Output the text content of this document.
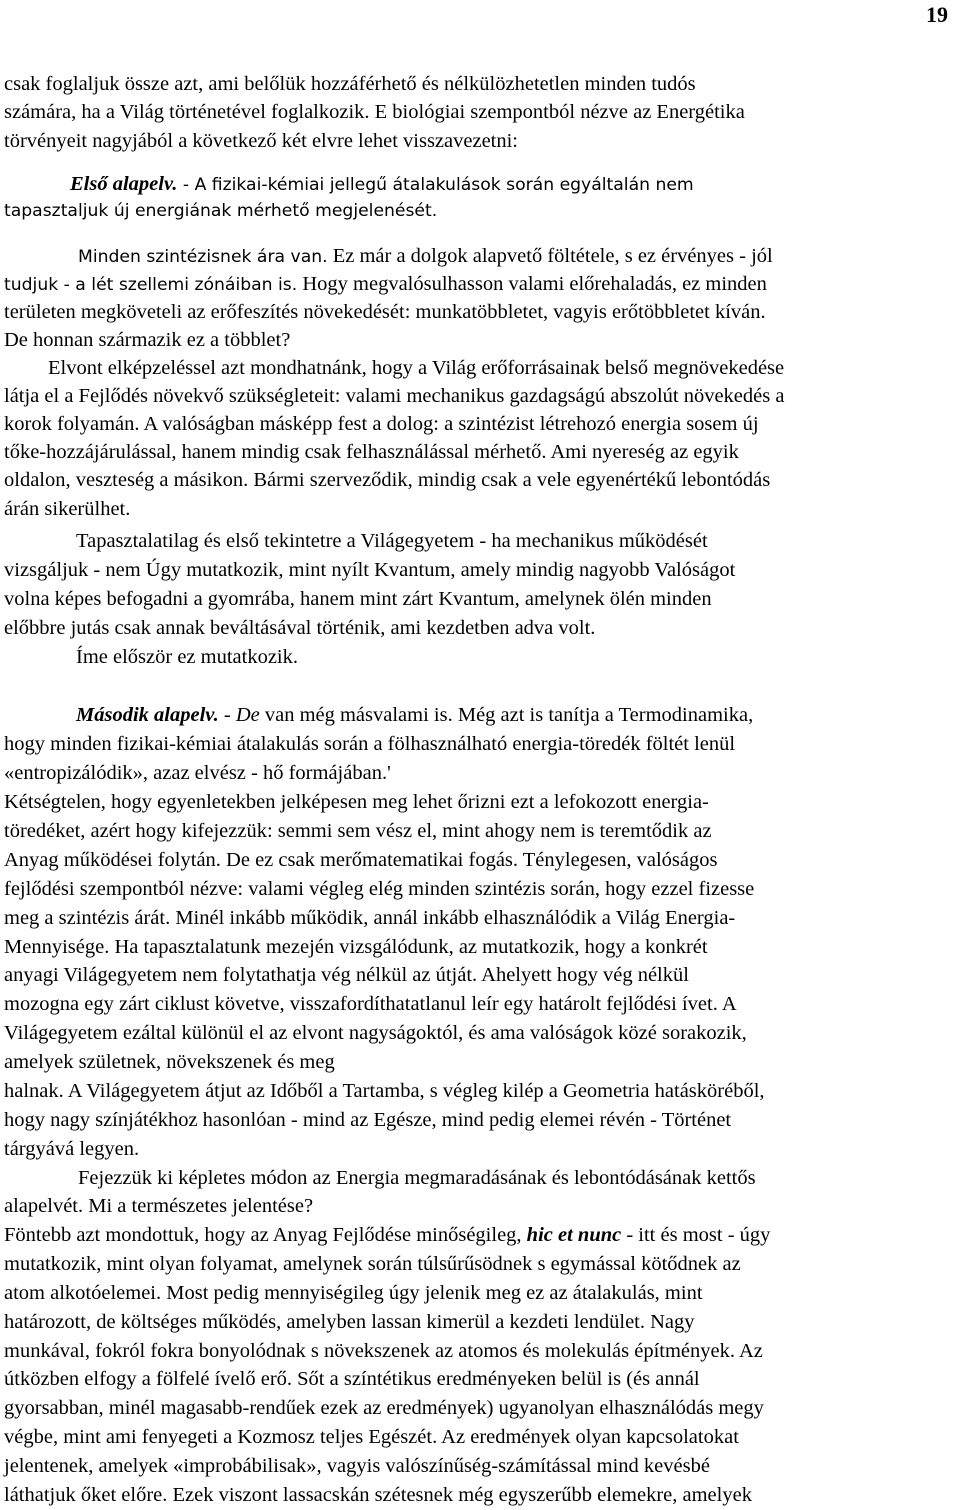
19
csak foglaljuk össze azt, ami belőlük hozzáférhető és nélkülözhetetlen minden tudós
számára, ha a Világ történetével foglalkozik. E biológiai szempontból nézve az Energétika
törvényeit nagyjából a következő két elvre lehet visszavezetni:
Első alapelv. - A fizikai-kémiai jellegű átalakulások során egyáltalán nem
tapasztaljuk új energiának mérhető megjelenését.
Minden szintézisnek ára van. Ez már a dolgok alapvető föltétele, s ez érvényes - jól
tudjuk - a lét szellemi zónáiban is. Hogy megvalósulhasson valami előrehaladás, ez minden
területen megköveteli az erőfeszítés növekedését: munkatöbbletet, vagyis erőtöbbletet kíván.
De honnan származik ez a többlet?
Elvont elképzeléssel azt mondhatnánk, hogy a Világ erőforrásainak belső megnövekedése
látja el a Fejlődés növekvő szükségleteit: valami mechanikus gazdagságú abszolút növekedés a
korok folyamán. A valóságban másképp fest a dolog: a szintézist létrehozó energia sosem új
tőke-hozzájárulással, hanem mindig csak felhasználással mérhető. Ami nyereség az egyik
oldalon, veszteség a másikon. Bármi szerveződik, mindig csak a vele egyenértékű lebontódás
árán sikerülhet.
Tapasztalatilag és első tekintetre a Világegyetem - ha mechanikus működését
vizsgáljuk - nem Úgy mutatkozik, mint nyílt Kvantum, amely mindig nagyobb Valóságot
volna képes befogadni a gyomrába, hanem mint zárt Kvantum, amelynek ölén minden
előbbre jutás csak annak beváltásával történik, ami kezdetben adva volt.
Íme először ez mutatkozik.
Második alapelv. - De van még másvalami is. Még azt is tanítja a Termodinamika,
hogy minden fizikai-kémiai átalakulás során a fölhasználható energia-töredék föltét lenül
«entropizálódik», azaz elvész - hő formájában.'
Kétségtelen, hogy egyenletekben jelképesen meg lehet őrizni ezt a lefokozott energia-
töredéket, azért hogy kifejezzük: semmi sem vész el, mint ahogy nem is teremtődik az
Anyag működései folytán. De ez csak merőmatematikai fogás. Ténylegesen, valóságos
fejlődési szempontból nézve: valami végleg elég minden szintézis során, hogy ezzel fizesse
meg a szintézis árát. Minél inkább működik, annál inkább elhasználódik a Világ Energia-
Mennyisége. Ha tapasztalatunk mezején vizsgálódunk, az mutatkozik, hogy a konkrét
anyagi Világegyetem nem folytathatja vég nélkül az útját. Ahelyett hogy vég nélkül
mozogna egy zárt ciklust követve, visszafordíthatatlanul leír egy határolt fejlődési ívet. A
Világegyetem ezáltal különül el az elvont nagyságoktól, és ama valóságok közé sorakozik,
amelyek születnek, növekszenek és meg
halnak. A Világegyetem átjut az Időből a Tartamba, s végleg kilép a Geometria hatásköréből,
hogy nagy színjátékhoz hasonlóan - mind az Egésze, mind pedig elemei révén - Történet
tárgyává legyen.
Fejezzük ki képletes módon az Energia megmaradásának és lebontódásának kettős
alapelvét. Mi a természetes jelentése?
Föntebb azt mondottuk, hogy az Anyag Fejlődése minőségileg, hic et nunc - itt és most - úgy
mutatkozik, mint olyan folyamat, amelynek során túlsűrűsödnek s egymással kötődnek az
atom alkotóelemei. Most pedig mennyiségileg úgy jelenik meg ez az átalakulás, mint
határozott, de költséges működés, amelyben lassan kimerül a kezdeti lendület. Nagy
munkával, fokról fokra bonyolódnak s növekszenek az atomos és molekulás építmények. Az
útközben elfogy a fölfelé ívelő erő. Sőt a színtétikus eredményeken belül is (és annál
gyorsabban, minél magasabb-rendűek ezek az eredmények) ugyanolyan elhasználódás megy
végbe, mint ami fenyegeti a Kozmosz teljes Egészét. Az eredmények olyan kapcsolatokat
jelentenek, amelyek «improbábilisak», vagyis valószínűség-számítással mind kevésbé
láthatjuk őket előre. Ezek viszont lassacskán szétesnek még egyszerűbb elemekre, amelyek
